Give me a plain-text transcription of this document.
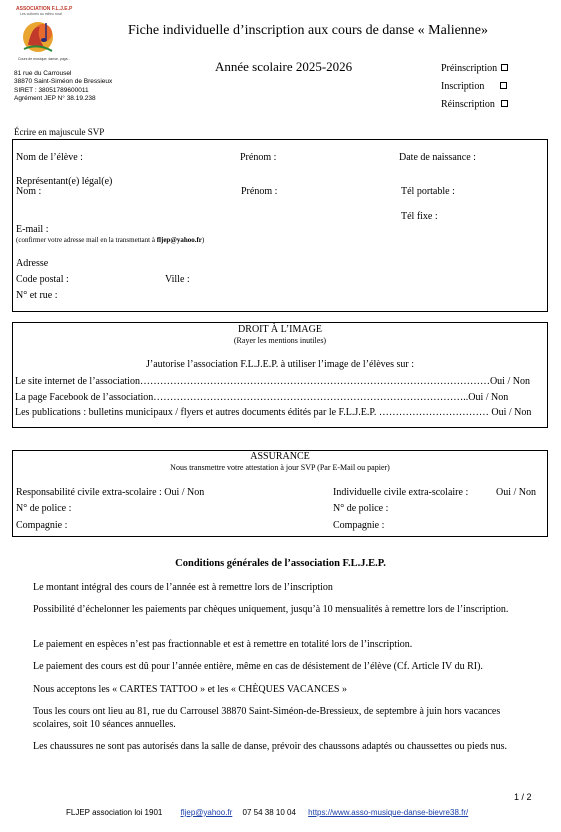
ASSOCIATION F.L.J.E.P
Les cultures au milieu rural
Cours de musique, danse, yoga...
Fiche individuelle d’inscription aux cours de danse « Malienne»
Année scolaire 2025-2026	Préinscription
Inscription
Réinscription
81 rue du Carrousel
38870 Saint-Siméon de Bressieux
SIRET : 38051789600011
Agrément JEP N° 38.19.238
Écrire en majuscule SVP
Nom de l’élève :	Prénom :	Date de naissance :
Représentant(e) légal(e)
Nom :	Prénom :	Tél portable :
Tél fixe :
E-mail :
(confirmer votre adresse mail en la transmettant à fljep@yahoo.fr)
Adresse
Code postal :	Ville :
N° et rue :
DROIT À L’IMAGE
(Rayer les mentions inutiles)
J’autorise l’association F.L.J.E.P. à utiliser l’image de l’élèves sur :
Le site internet de l’association……………………………………………………………………………………………Oui / Non
La page Facebook de l’association…………………………………………………………………………………..Oui / Non
Les publications : bulletins municipaux / flyers et autres documents édités par le F.L.J.E.P. …………………………… Oui / Non
ASSURANCE
Nous transmettre votre attestation à jour SVP (Par E-Mail ou papier)
Responsabilité civile extra-scolaire : Oui / Non
N° de police :
Compagnie :
Individuelle civile extra-scolaire :	Oui / Non
N° de police :
Compagnie :
Conditions générales de l’association F.L.J.E.P.
Le montant intégral des cours de l’année est à remettre lors de l’inscription
Possibilité d’échelonner les paiements par chèques uniquement, jusqu’à 10 mensualités à remettre lors de l’inscription.
Le paiement en espèces n’est pas fractionnable et est à remettre en totalité lors de l’inscription.
Le paiement des cours est dû pour l’année entière, même en cas de désistement de l’élève (Cf. Article IV du RI).
Nous acceptons les « CARTES TATTOO » et les « CHÈQUES VACANCES »
Tous les cours ont lieu au 81, rue du Carrousel 38870 Saint-Siméon-de-Bressieux, de septembre à juin hors vacances scolaires, soit 10 séances annuelles.
Les chaussures ne sont pas autorisés dans la salle de danse, prévoir des chaussons adaptés ou chaussettes ou pieds nus.
1 / 2
FLJEP association loi 1901 fljep@yahoo.fr 07 54 38 10 04 https://www.asso-musique-danse-bievre38.fr/
